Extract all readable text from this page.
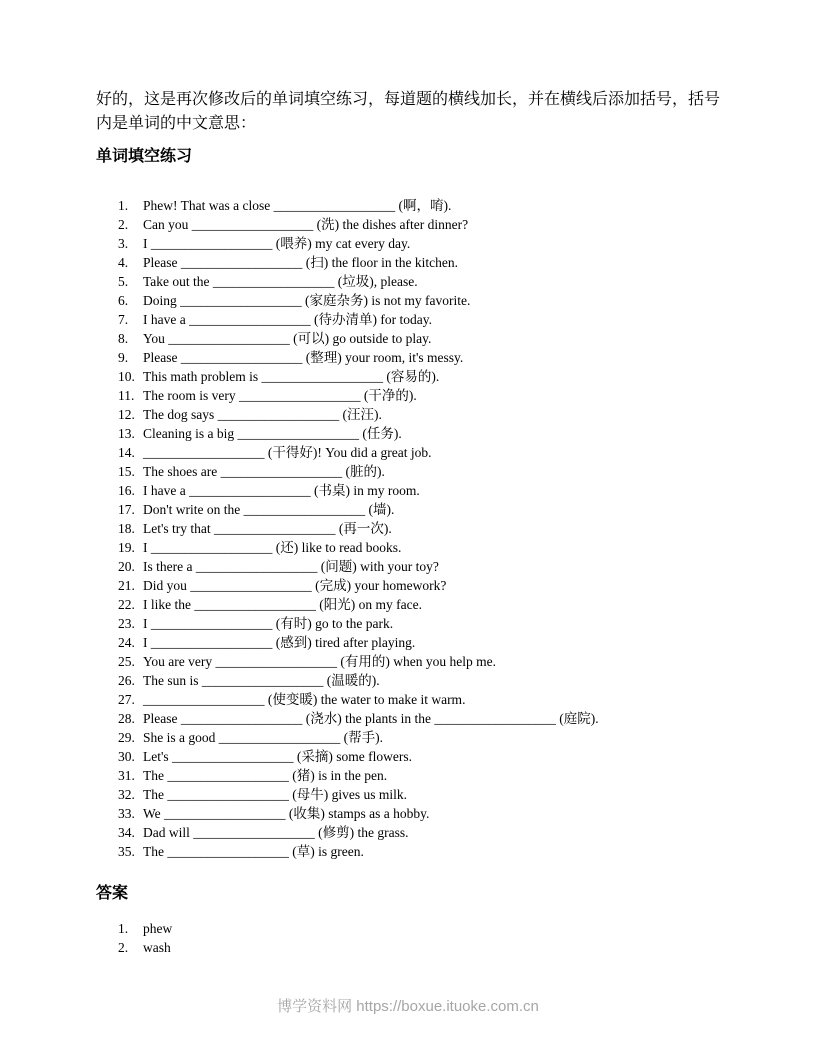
好的，这是再次修改后的单词填空练习，每道题的横线加长，并在横线后添加括号，括号
内是单词的中文意思：
单词填空练习
1.	Phew! That was a close __________________ (啊，唷).
2.	Can you __________________ (洗) the dishes after dinner?
3.	I __________________ (喂养) my cat every day.
4.	Please __________________ (扫) the floor in the kitchen.
5.	Take out the __________________ (垃圾), please.
6.	Doing __________________ (家庭杂务) is not my favorite.
7.	I have a __________________ (待办清单) for today.
8.	You __________________ (可以) go outside to play.
9.	Please __________________ (整理) your room, it's messy.
10. This math problem is __________________ (容易的).
11. The room is very __________________ (干净的).
12. The dog says __________________ (汪汪).
13. Cleaning is a big __________________ (任务).
14. __________________ (干得好)! You did a great job.
15. The shoes are __________________ (脏的).
16. I have a __________________ (书桌) in my room.
17. Don't write on the __________________ (墙).
18. Let's try that __________________ (再一次).
19. I __________________ (还) like to read books.
20. Is there a __________________ (问题) with your toy?
21. Did you __________________ (完成) your homework?
22. I like the __________________ (阳光) on my face.
23. I __________________ (有时) go to the park.
24. I __________________ (感到) tired after playing.
25. You are very __________________ (有用的) when you help me.
26. The sun is __________________ (温暖的).
27. __________________ (使变暖) the water to make it warm.
28. Please __________________ (浇水) the plants in the __________________ (庭院).
29. She is a good __________________ (帮手).
30. Let's __________________ (采摘) some flowers.
31. The __________________ (猪) is in the pen.
32. The __________________ (母牛) gives us milk.
33. We __________________ (收集) stamps as a hobby.
34. Dad will __________________ (修剪) the grass.
35. The __________________ (草) is green.
答案
1.	phew
2.	wash
博学资料网 https://boxue.ituoke.com.cn
